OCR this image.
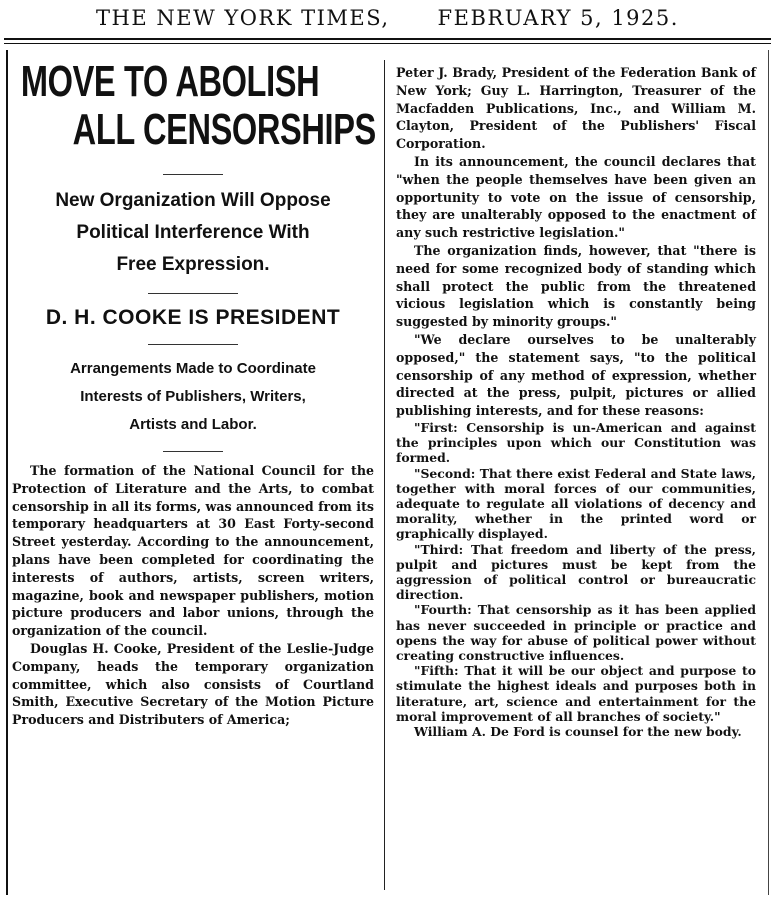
THE NEW YORK TIMES, FEBRUARY 5, 1925.
MOVE TO ABOLISH
ALL CENSORSHIPS
New Organization Will Oppose
Political Interference With
Free Expression.
D. H. COOKE IS PRESIDENT
Arrangements Made to Coordinate
Interests of Publishers, Writers,
Artists and Labor.

The formation of the National Council for the Protection of Literature and the Arts, to combat censorship in all its forms, was announced from its temporary headquarters at 30 East Forty-second Street yesterday. According to the announcement, plans have been completed for coordinating the interests of authors, artists, screen writers, magazine, book and newspaper publishers, motion picture producers and labor unions, through the organization of the council.

Douglas H. Cooke, President of the Leslie-Judge Company, heads the temporary organization committee, which also consists of Courtland Smith, Executive Secretary of the Motion Picture Producers and Distributers of America;

Peter J. Brady, President of the Federation Bank of New York; Guy L. Harrington, Treasurer of the Macfadden Publications, Inc., and William M. Clayton, President of the Publishers' Fiscal Corporation.

In its announcement, the council declares that "when the people themselves have been given an opportunity to vote on the issue of censorship, they are unalterably opposed to the enactment of any such restrictive legislation."

The organization finds, however, that "there is need for some recognized body of standing which shall protect the public from the threatened vicious legislation which is constantly being suggested by minority groups."

"We declare ourselves to be unalterably opposed," the statement says, "to the political censorship of any method of expression, whether directed at the press, pulpit, pictures or allied publishing interests, and for these reasons:

"First: Censorship is un-American and against the principles upon which our Constitution was formed.

"Second: That there exist Federal and State laws, together with moral forces of our communities, adequate to regulate all violations of decency and morality, whether in the printed word or graphically displayed.

"Third: That freedom and liberty of the press, pulpit and pictures must be kept from the aggression of political control or bureaucratic direction.

"Fourth: That censorship as it has been applied has never succeeded in principle or practice and opens the way for abuse of political power without creating constructive influences.

"Fifth: That it will be our object and purpose to stimulate the highest ideals and purposes both in literature, art, science and entertainment for the moral improvement of all branches of society."

William A. De Ford is counsel for the new body.
